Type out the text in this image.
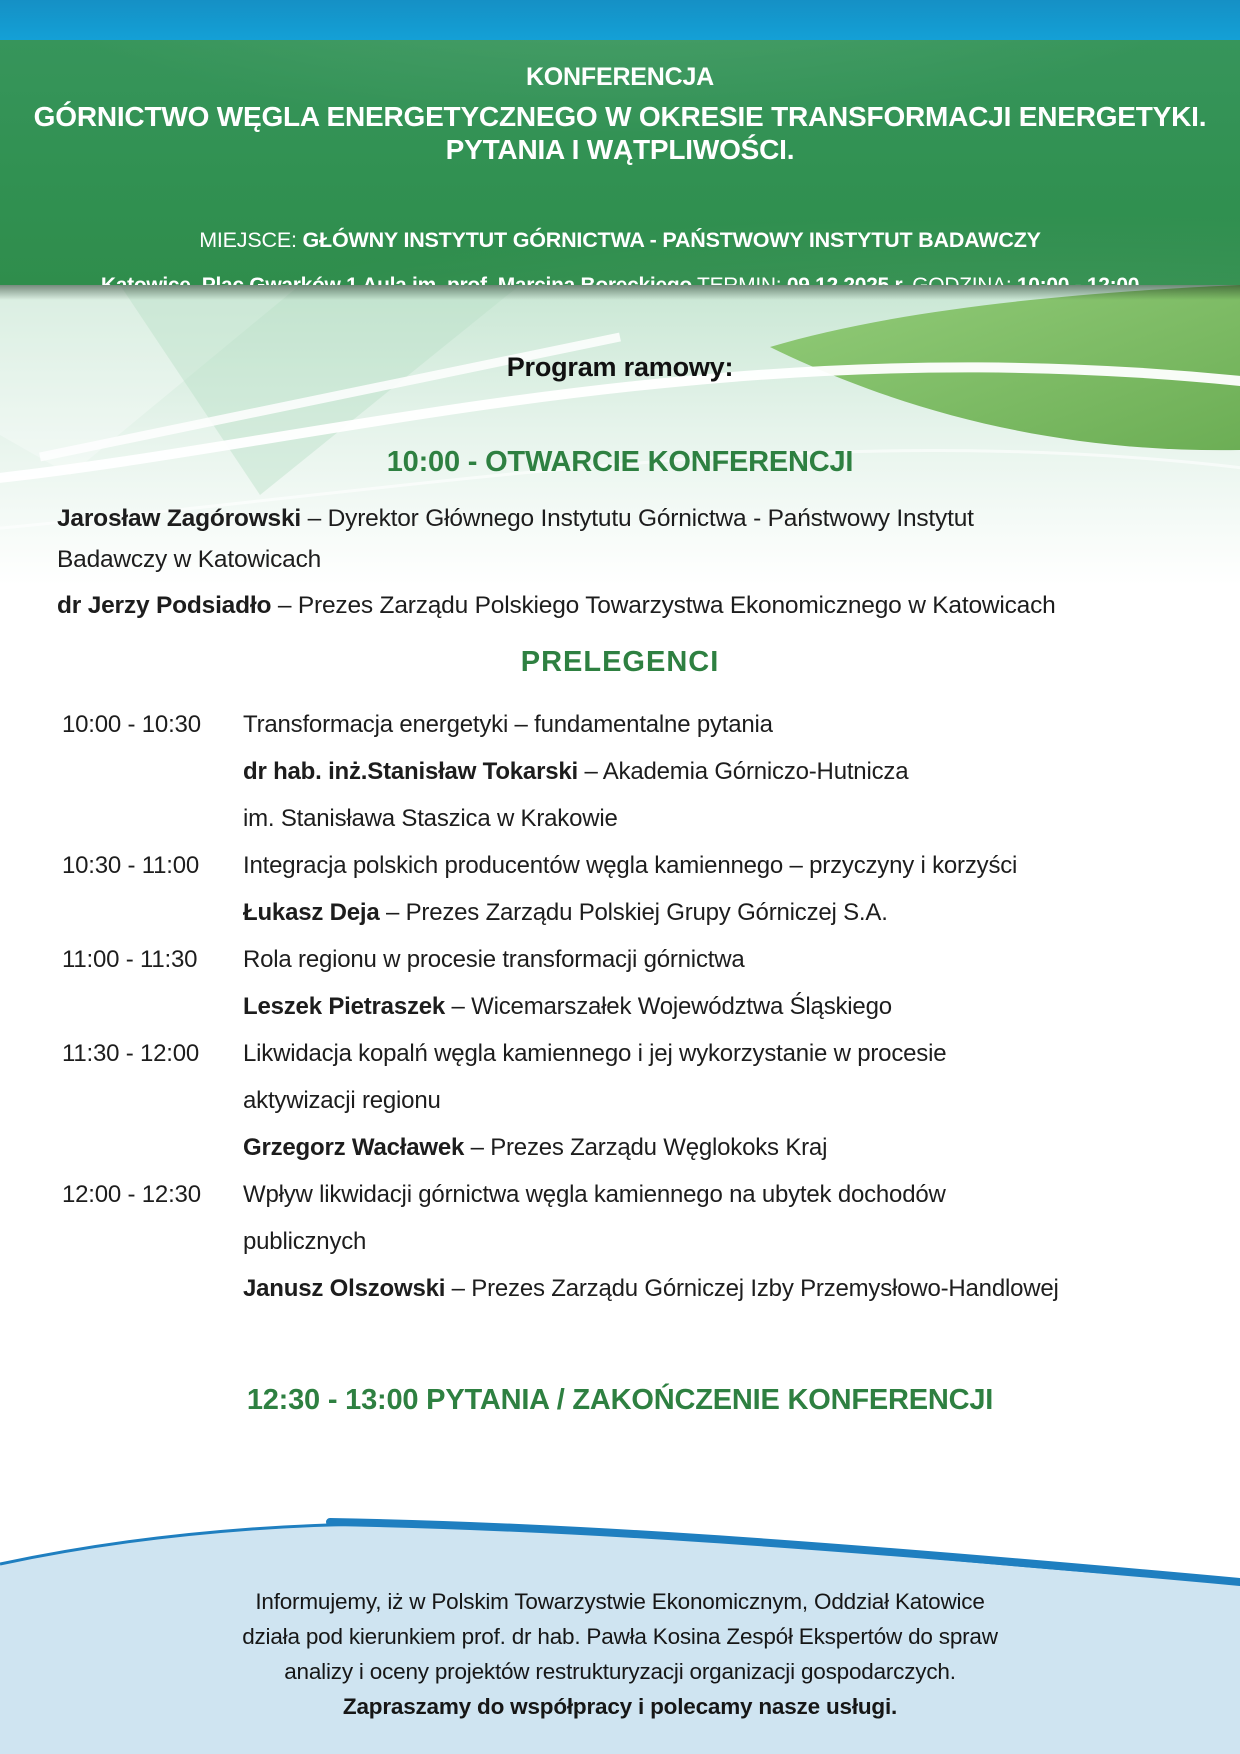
KONFERENCJA
GÓRNICTWO WĘGLA ENERGETYCZNEGO W OKRESIE TRANSFORMACJI ENERGETYKI.
PYTANIA I WĄTPLIWOŚCI.
MIEJSCE: GŁÓWNY INSTYTUT GÓRNICTWA - PAŃSTWOWY INSTYTUT BADAWCZY
Program ramowy:
10:00 - OTWARCIE KONFERENCJI

Jarosław Zagórowski – Dyrektor Głównego Instytutu Górnictwa - Państwowy Instytut
Badawczy w Katowicach

dr Jerzy Podsiadło – Prezes Zarządu Polskiego Towarzystwa Ekonomicznego w Katowicach

PRELEGENCI
10:00 - 10:30	Transformacja energetyki – fundamentalne pytania
dr hab. inż.Stanisław Tokarski – Akademia Górniczo-Hutnicza
im. Stanisława Staszica w Krakowie
10:30 - 11:00	Integracja polskich producentów węgla kamiennego – przyczyny i korzyści
Łukasz Deja – Prezes Zarządu Polskiej Grupy Górniczej S.A.
11:00 - 11:30	Rola regionu w procesie transformacji górnictwa
Leszek Pietraszek – Wicemarszałek Województwa Śląskiego
11:30 - 12:00	Likwidacja kopalń węgla kamiennego i jej wykorzystanie w procesie
aktywizacji regionu
Grzegorz Wacławek – Prezes Zarządu Węglokoks Kraj
12:00 - 12:30	Wpływ likwidacji górnictwa węgla kamiennego na ubytek dochodów
publicznych
Janusz Olszowski – Prezes Zarządu Górniczej Izby Przemysłowo-Handlowej
12:30 - 13:00 PYTANIA / ZAKOŃCZENIE KONFERENCJI
Informujemy, iż w Polskim Towarzystwie Ekonomicznym, Oddział Katowice
działa pod kierunkiem prof. dr hab. Pawła Kosina Zespół Ekspertów do spraw
analizy i oceny projektów restrukturyzacji organizacji gospodarczych.
Zapraszamy do współpracy i polecamy nasze usługi.
